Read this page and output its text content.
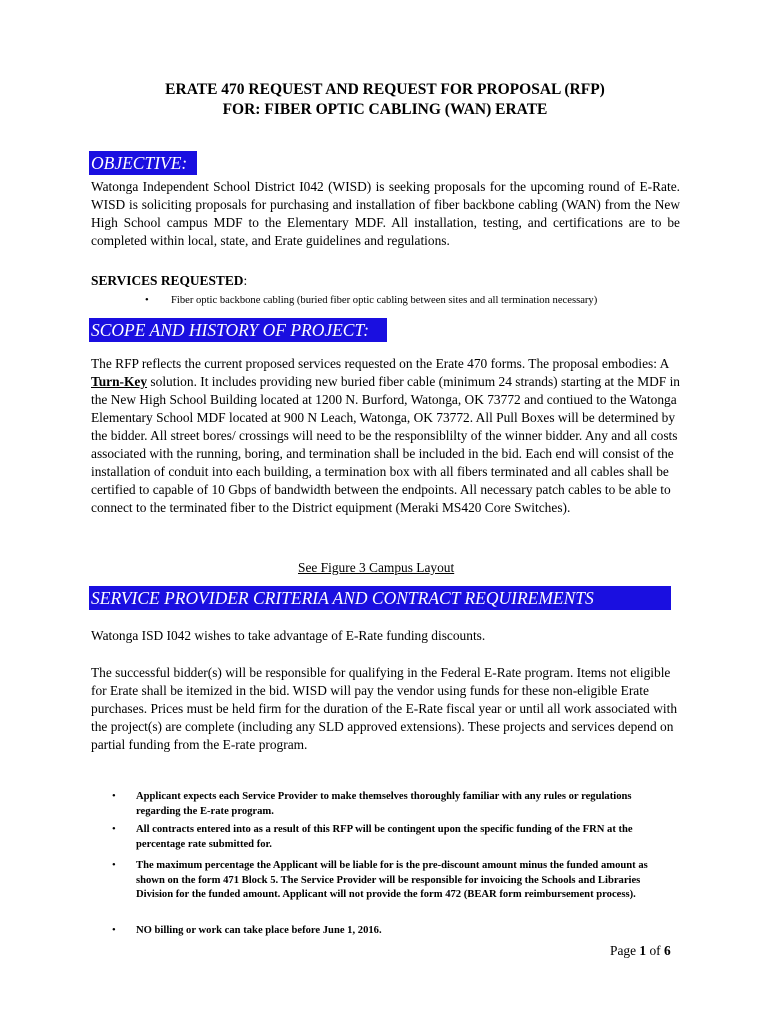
ERATE 470 REQUEST AND REQUEST FOR PROPOSAL (RFP)
FOR: FIBER OPTIC CABLING (WAN) ERATE
OBJECTIVE:
Watonga Independent School District I042 (WISD) is seeking proposals for the upcoming round of E-Rate. WISD is soliciting proposals for purchasing and installation of fiber backbone cabling (WAN) from the New High School campus MDF to the Elementary MDF. All installation, testing, and certifications are to be completed within local, state, and Erate guidelines and regulations.
SERVICES REQUESTED:
• Fiber optic backbone cabling (buried fiber optic cabling between sites and all termination necessary)
SCOPE AND HISTORY OF PROJECT:
The RFP reflects the current proposed services requested on the Erate 470 forms. The proposal embodies: A Turn-Key solution. It includes providing new buried fiber cable (minimum 24 strands) starting at the MDF in the New High School Building located at 1200 N. Burford, Watonga, OK 73772 and contiued to the Watonga Elementary School MDF located at 900 N Leach, Watonga, OK 73772. All Pull Boxes will be determined by the bidder. All street bores/ crossings will need to be the responsiblilty of the winner bidder. Any and all costs associated with the running, boring, and termination shall be included in the bid. Each end will consist of the installation of conduit into each building, a termination box with all fibers terminated and all cables shall be certified to capable of 10 Gbps of bandwidth between the endpoints. All necessary patch cables to be able to connect to the terminated fiber to the District equipment (Meraki MS420 Core Switches).
See Figure 3 Campus Layout
SERVICE PROVIDER CRITERIA AND CONTRACT REQUIREMENTS
Watonga ISD I042 wishes to take advantage of E-Rate funding discounts.
The successful bidder(s) will be responsible for qualifying in the Federal E-Rate program. Items not eligible for Erate shall be itemized in the bid. WISD will pay the vendor using funds for these non-eligible Erate purchases. Prices must be held firm for the duration of the E-Rate fiscal year or until all work associated with the project(s) are complete (including any SLD approved extensions). These projects and services depend on partial funding from the E-rate program.
• Applicant expects each Service Provider to make themselves thoroughly familiar with any rules or regulations regarding the E-rate program.
• All contracts entered into as a result of this RFP will be contingent upon the specific funding of the FRN at the percentage rate submitted for.
• The maximum percentage the Applicant will be liable for is the pre-discount amount minus the funded amount as shown on the form 471 Block 5. The Service Provider will be responsible for invoicing the Schools and Libraries Division for the funded amount. Applicant will not provide the form 472 (BEAR form reimbursement process).
• NO billing or work can take place before June 1, 2016.
Page 1 of 6
